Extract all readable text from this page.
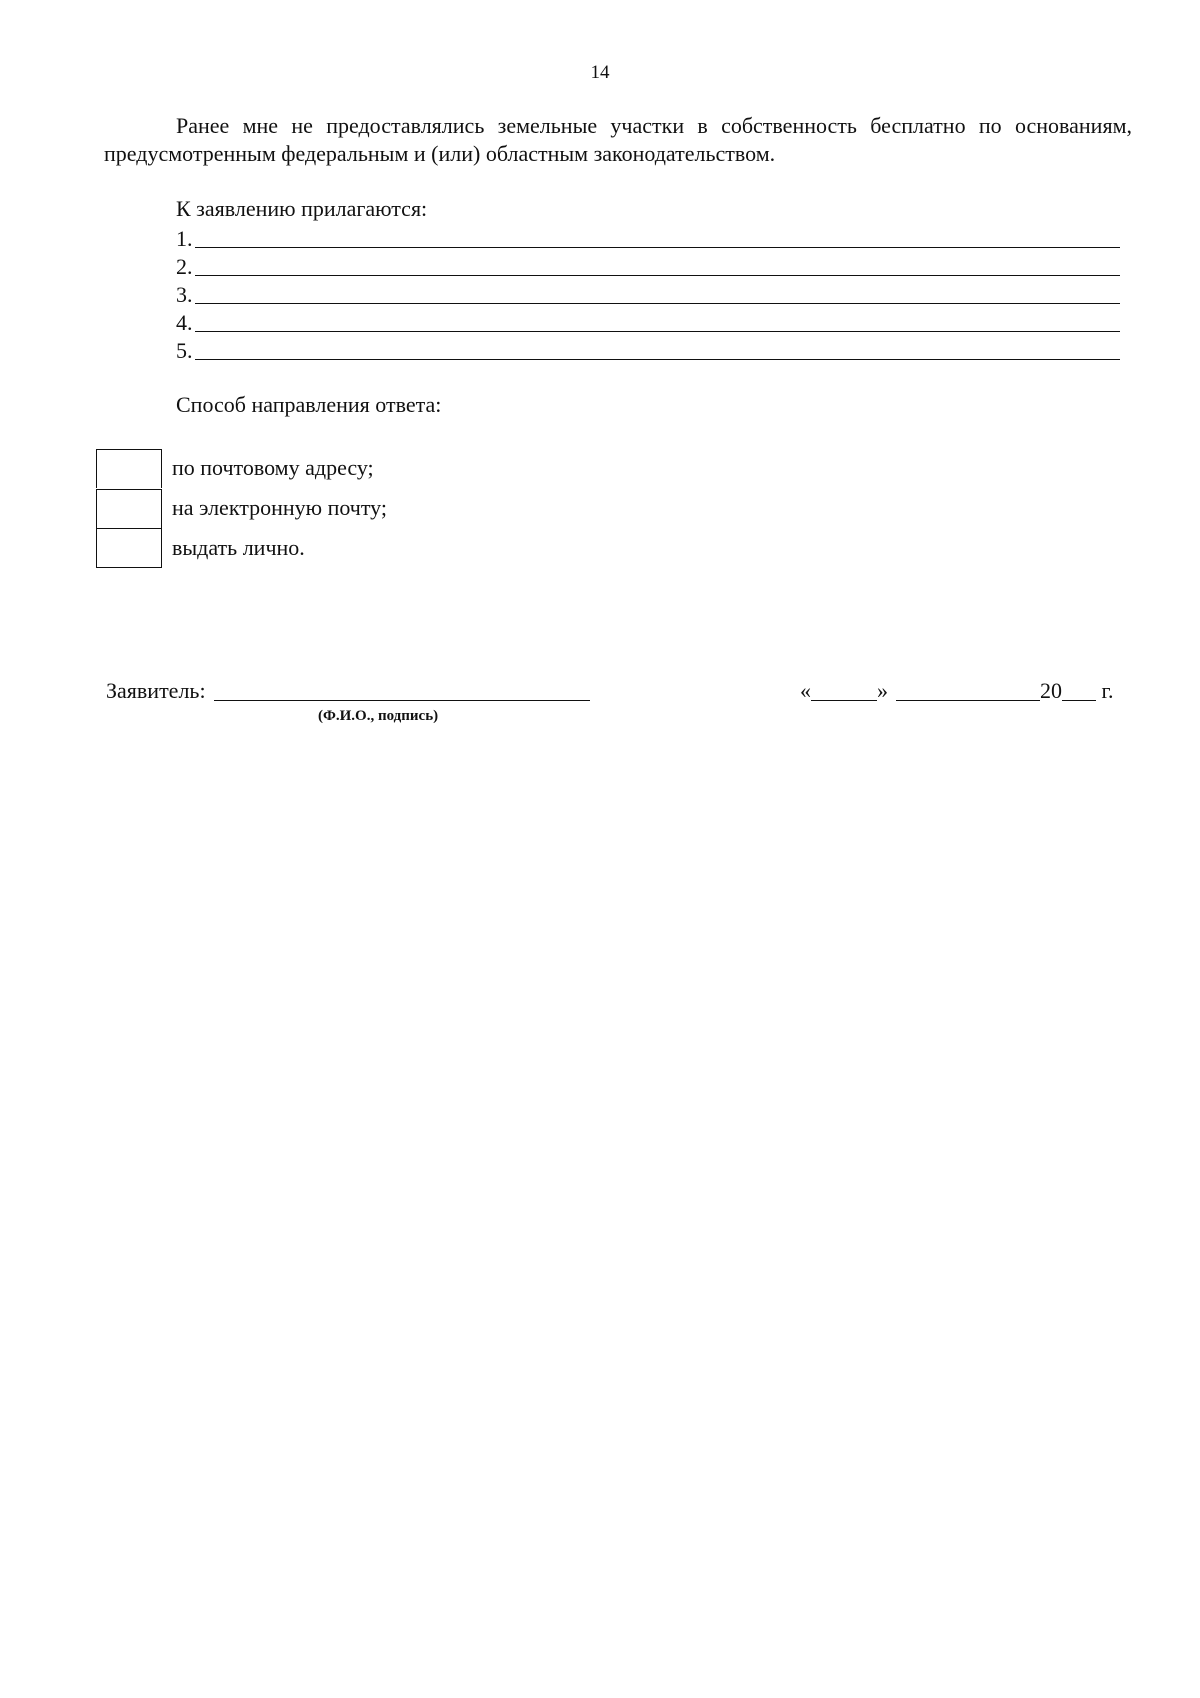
14
Ранее мне не предоставлялись земельные участки в собственность бесплатно по основаниям, предусмотренным федеральным и (или) областным законодательством.
К заявлению прилагаются:
1.
2.
3.
4.
5.
Способ направления ответа:
по почтовому адресу;
на электронную почту;
выдать лично.
Заявитель:
(Ф.И.О., подпись)
«	»	20 г.
